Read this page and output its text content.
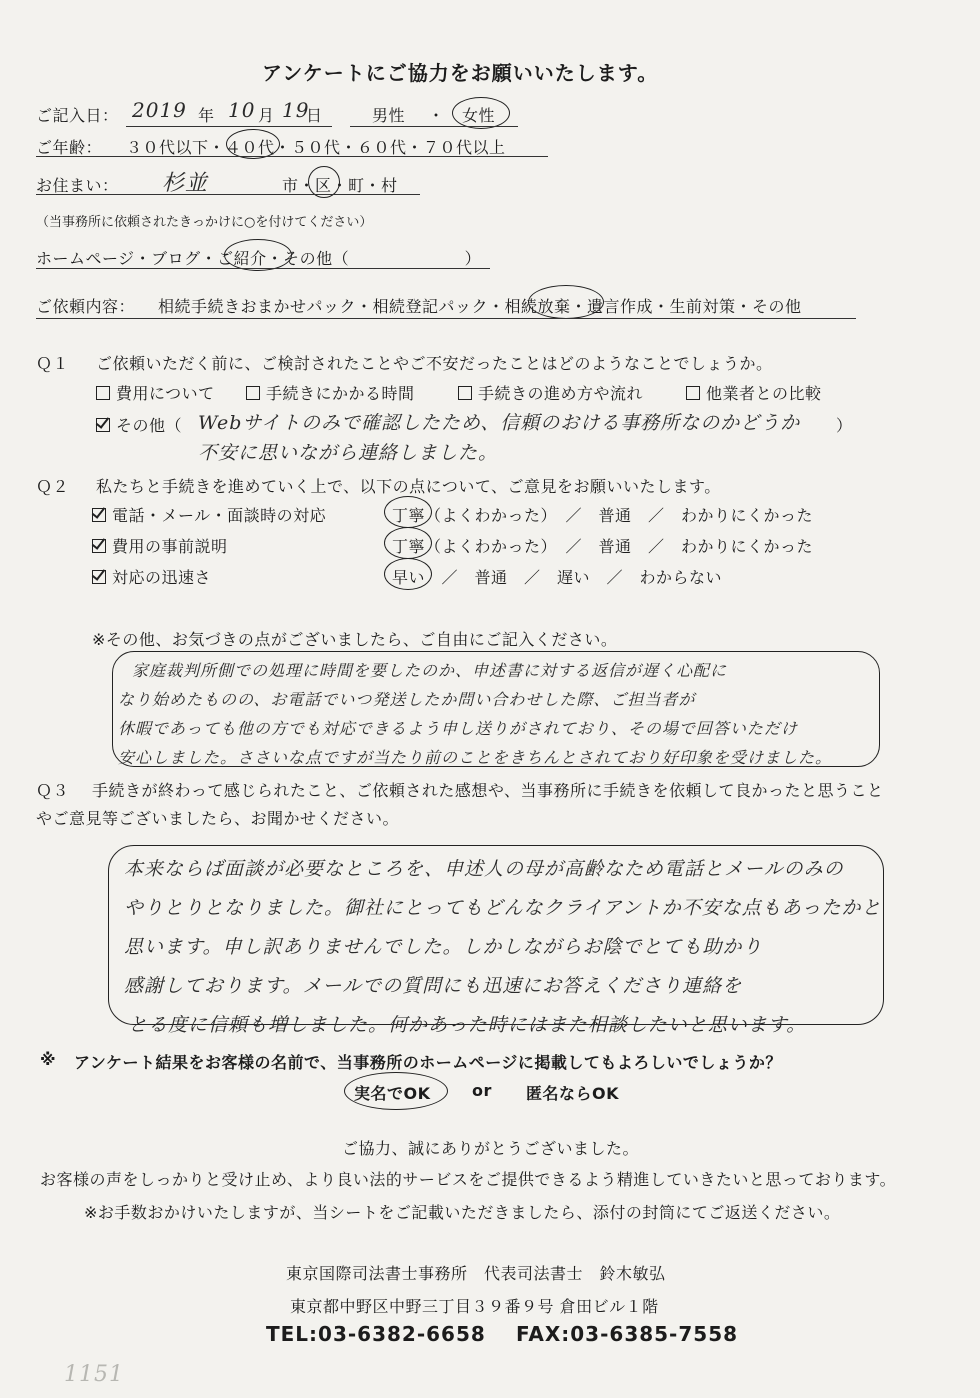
アンケートにご協力をお願いいたします。
ご記入日： 2019 年 10 月 19
日	男性 ・ 女性
ご年齢： ３０代以下・４０代・５０代・６０代・７０代以上
お住まい： 杉並	市・区・町・村
（当事務所に依頼されたきっかけに○を付けてください）
ホームページ・ブログ・ご紹介・その他（　　　　　　　）
ご依頼内容： 相続手続きおまかせパック・相続登記パック・相続放棄・遺言作成・生前対策・その他
Ｑ１ ご依頼いただく前に、ご検討されたことやご不安だったことはどのようなことでしょうか。
費用について	手続きにかかる時間	手続きの進め方や流れ	他業者との比較
その他（ Webサイトのみで確認したため、信頼のおける事務所なのかどうか ）
不安に思いながら連絡しました。
Ｑ２ 私たちと手続きを進めていく上で、以下の点について、ご意見をお願いいたします。
電話・メール・面談時の対応	丁寧（よくわかった）　／　普通　／　わかりにくかった
費用の事前説明	丁寧（よくわかった）　／　普通　／　わかりにくかった
対応の迅速さ	早い　／　普通　／　遅い　／　わからない
※その他、お気づきの点がございましたら、ご自由にご記入ください。
家庭裁判所側での処理に時間を要したのか、申述書に対する返信が遅く心配に
なり始めたものの、お電話でいつ発送したか問い合わせした際、ご担当者が
休暇であっても他の方でも対応できるよう申し送りがされており、その場で回答いただけ
安心しました。ささいな点ですが当たり前のことをきちんとされており好印象を受けました。
Ｑ３ 手続きが終わって感じられたこと、ご依頼された感想や、当事務所に手続きを依頼して良かったと思うこと
やご意見等ございましたら、お聞かせください。
本来ならば面談が必要なところを、申述人の母が高齢なため電話とメールのみの
やりとりとなりました。御社にとってもどんなクライアントか不安な点もあったかと
思います。申し訳ありませんでした。しかしながらお陰でとても助かり
感謝しております。メールでの質問にも迅速にお答えくださり連絡を
とる度に信頼も増しました。何かあった時にはまた相談したいと思います。
※ アンケート結果をお客様の名前で、当事務所のホームページに掲載してもよろしいでしょうか？
実名でOK	or 匿名ならOK
ご協力、誠にありがとうございました。
お客様の声をしっかりと受け止め、より良い法的サービスをご提供できるよう精進していきたいと思っております。
※お手数おかけいたしますが、当シートをご記載いただきましたら、添付の封筒にてご返送ください。
東京国際司法書士事務所　代表司法書士　鈴木敏弘
東京都中野区中野三丁目３９番９号 倉田ビル１階
TEL:03-6382-6658 FAX:03-6385-7558
1151
